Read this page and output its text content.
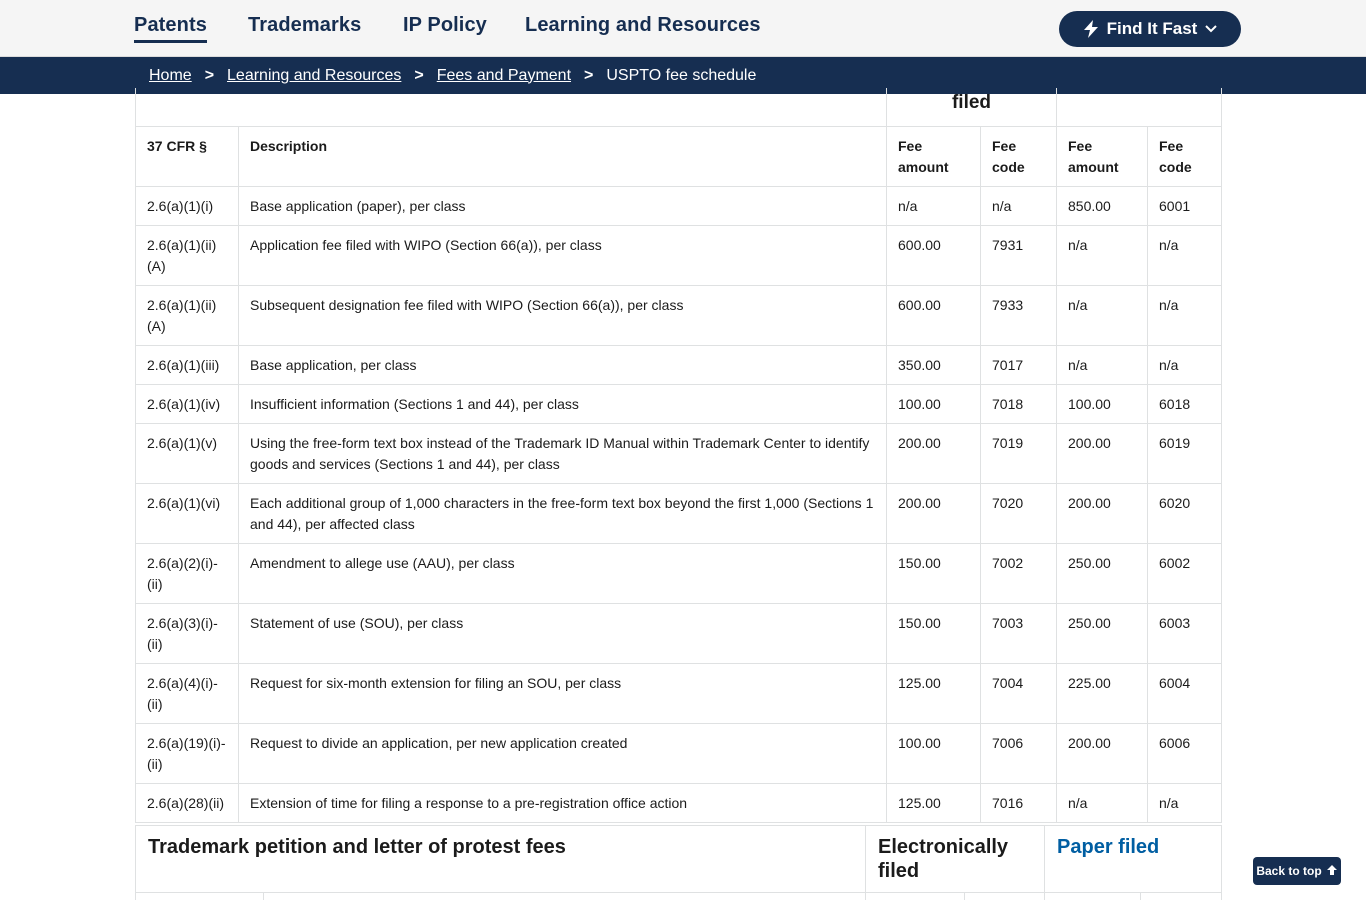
Patents Trademarks IP Policy Learning and Resources	Find It Fast
Home > Learning and Resources > Fees and Payment > USPTO fee schedule

		filed			

37 CFR §	Description	Fee amount	Fee code	Fee amount	Fee code
2.6(a)(1)(i)	Base application (paper), per class	n/a	n/a	850.00	6001
2.6(a)(1)(ii)(A)	Application fee filed with WIPO (Section 66(a)), per class	600.00	7931	n/a	n/a
2.6(a)(1)(ii)(A)	Subsequent designation fee filed with WIPO (Section 66(a)), per class	600.00	7933	n/a	n/a
2.6(a)(1)(iii)	Base application, per class	350.00	7017	n/a	n/a
2.6(a)(1)(iv)	Insufficient information (Sections 1 and 44), per class	100.00	7018	100.00	6018
2.6(a)(1)(v)	Using the free-form text box instead of the Trademark ID Manual within Trademark Center to identify goods and services (Sections 1 and 44), per class	200.00	7019	200.00	6019
2.6(a)(1)(vi)	Each additional group of 1,000 characters in the free-form text box beyond the first 1,000 (Sections 1 and 44), per affected class	200.00	7020	200.00	6020
2.6(a)(2)(i)-(ii)	Amendment to allege use (AAU), per class	150.00	7002	250.00	6002
2.6(a)(3)(i)-(ii)	Statement of use (SOU), per class	150.00	7003	250.00	6003
2.6(a)(4)(i)-(ii)	Request for six-month extension for filing an SOU, per class	125.00	7004	225.00	6004
2.6(a)(19)(i)-(ii)	Request to divide an application, per new application created	100.00	7006	200.00	6006
2.6(a)(28)(ii)	Extension of time for filing a response to a pre-registration office action	125.00	7016	n/a	n/a
Trademark petition and letter of protest fees		Electronically filed		Paper filed	

Back to top
